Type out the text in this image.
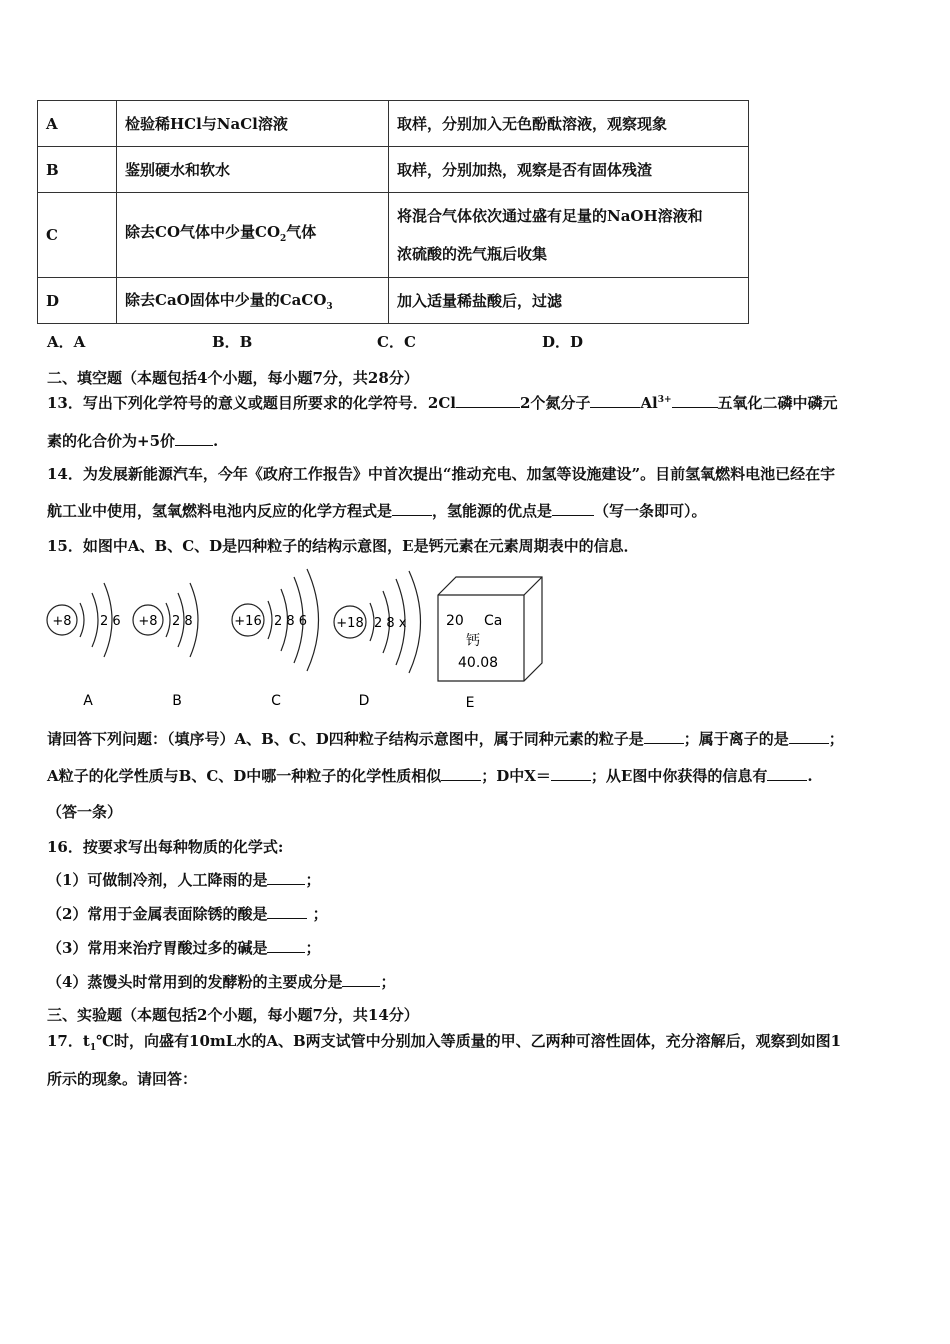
A	检验稀HCl与NaCl溶液	取样，分别加入无色酚酞溶液，观察现象
B	鉴别硬水和软水	取样，分别加热，观察是否有固体残渣
C	除去CO气体中少量$CO_2$气体	将混合气体依次通过盛有足量的NaOH溶液和
浓硫酸的洗气瓶后收集

D	除去CaO固体中少量的CaCO$_3$	加入适量稀盐酸后，过滤
A．A	B．B	C．C	D．D
二、填空题（本题包括4个小题，每小题7分，共28分）
13．写出下列化学符号的意义或题目所要求的化学符号．2Cl	2个氮分子	$Al^{3+}$	五氧化二磷中磷元
素的化合价为+5价	.
14．为发展新能源汽车，今年《政府工作报告》中首次提出“推动充电、加氢等设施建设”。目前氢氧燃料电池已经在宇
航工业中使用，氢氧燃料电池内反应的化学方程式是	，氢能源的优点是	（写一条即可）。
15．如图中A、B、C、D是四种粒子的结构示意图，E是钙元素在元素周期表中的信息．
+8 2 6
A
+8 2 8
B
+16 2 8 6
C
+18 2 8 x
D
20 Ca
钙
40.08
E
请回答下列问题：（填序号）A、B、C、D四种粒子结构示意图中，属于同种元素的粒子是	；属于离子的是	；
A粒子的化学性质与B、C、D中哪一种粒子的化学性质相似	；D中X＝	；从E图中你获得的信息有	.
（答一条）
16．按要求写出每种物质的化学式:
（1）可做制冷剂，人工降雨的是	；
（2）常用于金属表面除锈的酸是	；
（3）常用来治疗胃酸过多的碱是	；
（4）蒸馒头时常用到的发酵粉的主要成分是	；
三、实验题（本题包括2个小题，每小题7分，共14分）
17．$t_1℃$时，向盛有10mL水的A、B两支试管中分别加入等质量的甲、乙两种可溶性固体，充分溶解后，观察到如图1
所示的现象。请回答：
